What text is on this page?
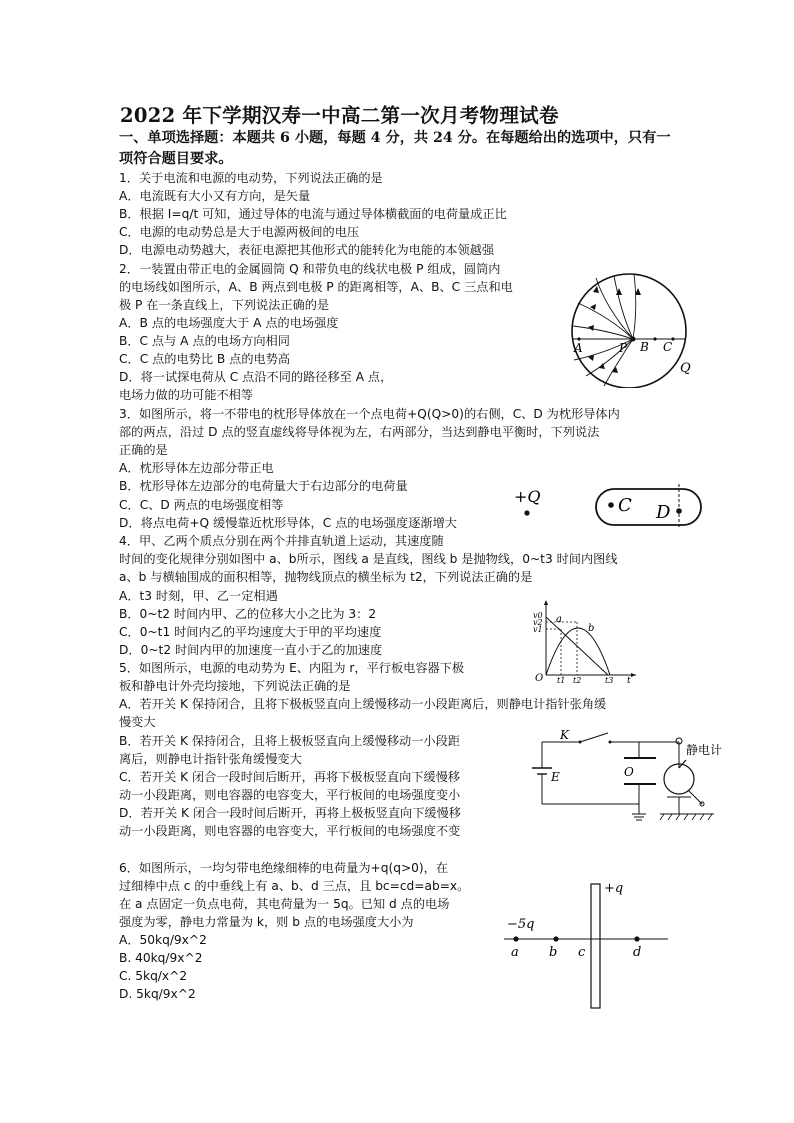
2022 年下学期汉寿一中高二第一次月考物理试卷
一、单项选择题：本题共 6 小题，每题 4 分，共 24 分。在每题给出的选项中，只有一项符合题目要求。
1．关于电流和电源的电动势，下列说法正确的是
A．电流既有大小又有方向，是矢量
B．根据 I=q/t 可知，通过导体的电流与通过导体横截面的电荷量成正比
C．电源的电动势总是大于电源两极间的电压
D．电源电动势越大，表征电源把其他形式的能转化为电能的本领越强
2．一装置由带正电的金属圆筒 Q 和带负电的线状电极 P 组成，圆筒内
的电场线如图所示，A、B 两点到电极 P 的距离相等，A、B、C 三点和电
极 P 在一条直线上，下列说法正确的是
A．B 点的电场强度大于 A 点的电场强度
B．C 点与 A 点的电场方向相同
C．C 点的电势比 B 点的电势高
D．将一试探电荷从 C 点沿不同的路径移至 A 点，
电场力做的功可能不相等
A	P B C
Q
3．如图所示，将一不带电的枕形导体放在一个点电荷+Q(Q>0)的右侧，C、D 为枕形导体内
部的两点，沿过 D 点的竖直虚线将导体视为左，右两部分，当达到静电平衡时，下列说法
正确的是
A．枕形导体左边部分带正电
B．枕形导体左边部分的电荷量大于右边部分的电荷量
C．C、D 两点的电场强度相等
D．将点电荷+Q 缓慢靠近枕形导体，C 点的电场强度逐渐增大
+Q	C D
4．甲、乙两个质点分别在两个并排直轨道上运动，其速度随
时间的变化规律分别如图中 a、b所示，图线 a 是直线，图线 b 是抛物线，0~t3 时间内图线
a、b 与横轴围成的面积相等，抛物线顶点的横坐标为 t2，下列说法正确的是
A．t3 时刻，甲、乙一定相遇
B．0~t2 时间内甲、乙的位移大小之比为 3：2
C．0~t1 时间内乙的平均速度大于甲的平均速度
D．0~t2 时间内甲的加速度一直小于乙的加速度
v0
v2
v1
a
b
O t1 t2	t3 t
5．如图所示，电源的电动势为 E、内阻为 r，平行板电容器下极
板和静电计外壳均接地，下列说法正确的是
A．若开关 K 保持闭合，且将下极板竖直向上缓慢移动一小段距离后，则静电计指针张角缓
慢变大
B．若开关 K 保持闭合，且将上极板竖直向上缓慢移动一小段距
离后，则静电计指针张角缓慢变大
C．若开关 K 闭合一段时间后断开，再将下极板竖直向下缓慢移
动一小段距离，则电容器的电容变大，平行板间的电场强度变小
D．若开关 K 闭合一段时间后断开，再将上极板竖直向下缓慢移
动一小段距离，则电容器的电容变大，平行板间的电场强度不变
K
E	O
静电计
6．如图所示，一均匀带电绝缘细棒的电荷量为+q(q>0)，在
过细棒中点 c 的中垂线上有 a、b、d 三点，且 bc=cd=ab=x。
在 a 点固定一负点电荷，其电荷量为一 5q。已知 d 点的电场
强度为零，静电力常量为 k，则 b 点的电场强度大小为
A．50kq/9x^2
B. 40kq/9x^2
C. 5kq/x^2
D. 5kq/9x^2
+q
−5q
a b c	d
